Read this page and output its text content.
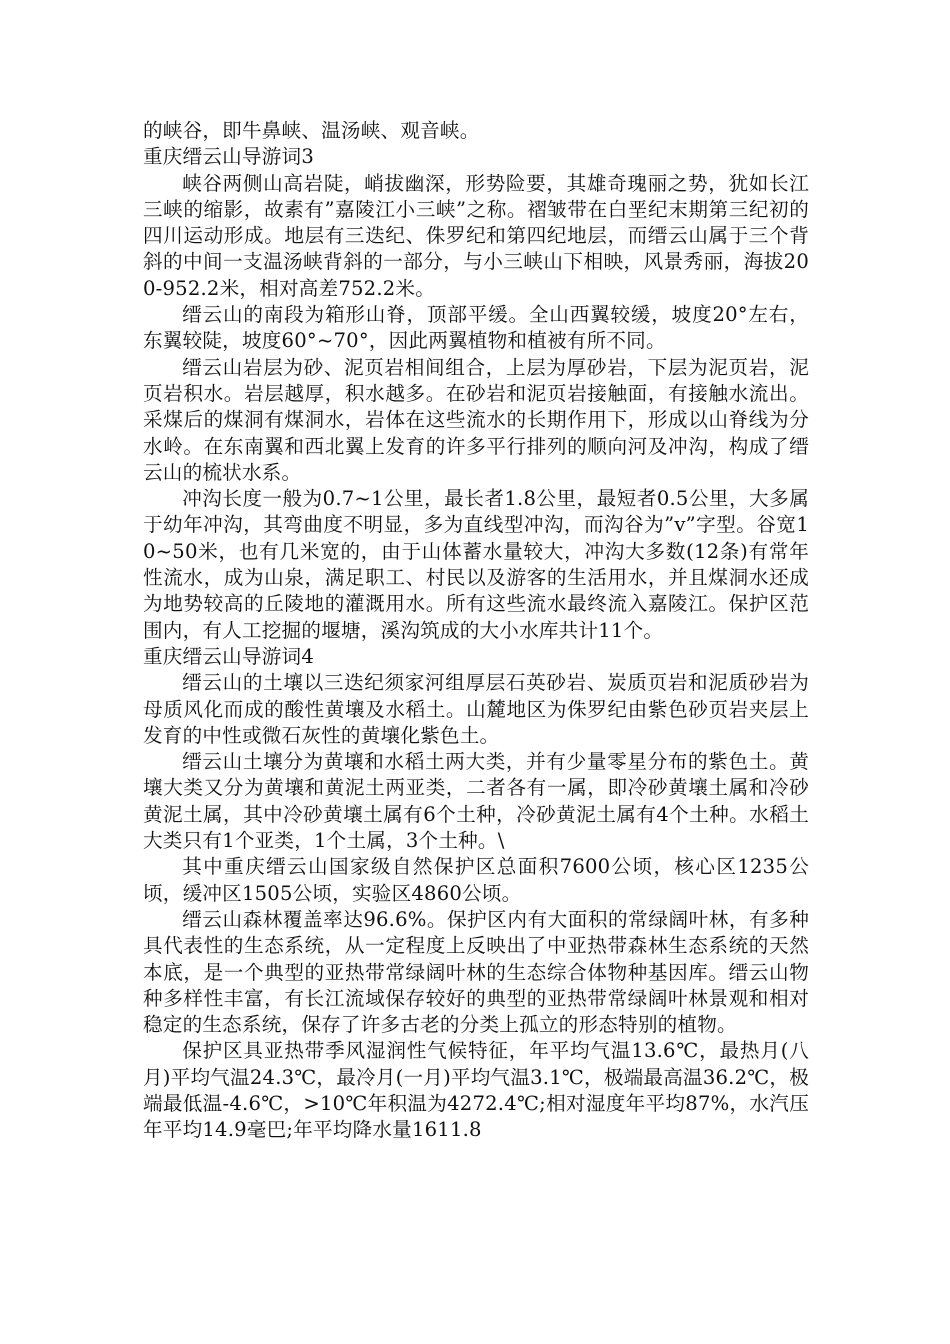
的峡谷，即牛鼻峡、温汤峡、观音峡。

重庆缙云山导游词3

峡谷两侧山高岩陡，峭拔幽深，形势险要，其雄奇瑰丽之势，犹如长江三峡的缩影，故素有”嘉陵江小三峡”之称。褶皱带在白垩纪末期第三纪初的四川运动形成。地层有三迭纪、侏罗纪和第四纪地层，而缙云山属于三个背斜的中间一支温汤峡背斜的一部分，与小三峡山下相映，风景秀丽，海拔200-952.2米，相对高差752.2米。

缙云山的南段为箱形山脊，顶部平缓。全山西翼较缓，坡度20°左右，东翼较陡，坡度60°~70°，因此两翼植物和植被有所不同。

缙云山岩层为砂、泥页岩相间组合，上层为厚砂岩，下层为泥页岩，泥页岩积水。岩层越厚，积水越多。在砂岩和泥页岩接触面，有接触水流出。采煤后的煤洞有煤洞水，岩体在这些流水的长期作用下，形成以山脊线为分水岭。在东南翼和西北翼上发育的许多平行排列的顺向河及冲沟，构成了缙云山的梳状水系。

冲沟长度一般为0.7~1公里，最长者1.8公里，最短者0.5公里，大多属于幼年冲沟，其弯曲度不明显，多为直线型冲沟，而沟谷为”v”字型。谷宽10~50米，也有几米宽的，由于山体蓄水量较大，冲沟大多数(12条)有常年性流水，成为山泉，满足职工、村民以及游客的生活用水，并且煤洞水还成为地势较高的丘陵地的灌溉用水。所有这些流水最终流入嘉陵江。保护区范围内，有人工挖掘的堰塘，溪沟筑成的大小水库共计11个。

重庆缙云山导游词4

缙云山的土壤以三迭纪须家河组厚层石英砂岩、炭质页岩和泥质砂岩为母质风化而成的酸性黄壤及水稻土。山麓地区为侏罗纪由紫色砂页岩夹层上发育的中性或微石灰性的黄壤化紫色土。

缙云山土壤分为黄壤和水稻土两大类，并有少量零星分布的紫色土。黄壤大类又分为黄壤和黄泥土两亚类，二者各有一属，即冷砂黄壤土属和冷砂黄泥土属，其中冷砂黄壤土属有6个土种，冷砂黄泥土属有4个土种。水稻土大类只有1个亚类，1个土属，3个土种。\

其中重庆缙云山国家级自然保护区总面积7600公顷，核心区1235公顷，缓冲区1505公顷，实验区4860公顷。

缙云山森林覆盖率达96.6%。保护区内有大面积的常绿阔叶林，有多种具代表性的生态系统，从一定程度上反映出了中亚热带森林生态系统的天然本底，是一个典型的亚热带常绿阔叶林的生态综合体物种基因库。缙云山物种多样性丰富，有长江流域保存较好的典型的亚热带常绿阔叶林景观和相对稳定的生态系统，保存了许多古老的分类上孤立的形态特别的植物。

保护区具亚热带季风湿润性气候特征，年平均气温13.6℃，最热月(八月)平均气温24.3℃，最冷月(一月)平均气温3.1℃，极端最高温36.2℃，极端最低温-4.6℃，>10℃年积温为4272.4℃;相对湿度年平均87%，水汽压年平均14.9毫巴;年平均降水量1611.8
